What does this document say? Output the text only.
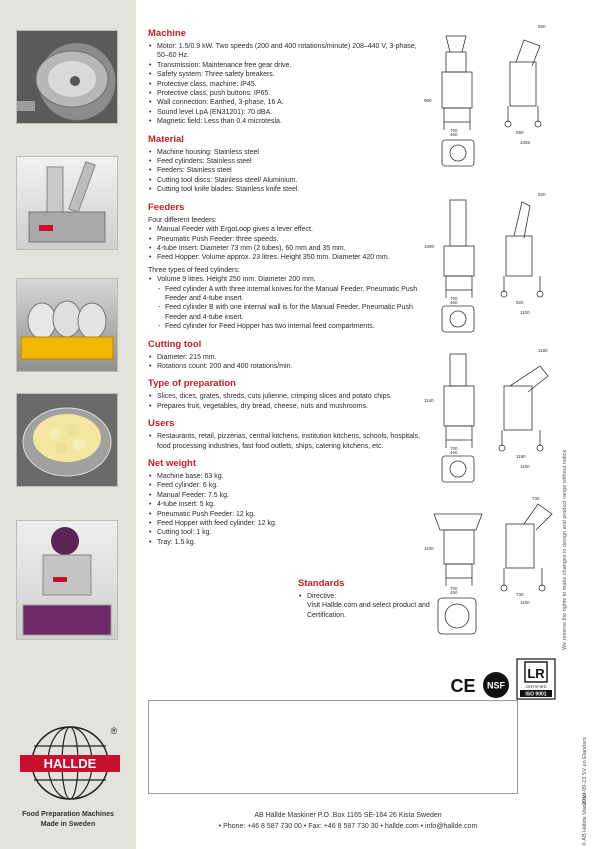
HALLDE
®
Food Preparation Machines
Made in Sweden
Machine
• Motor: 1.5/0.9 kW. Two speeds (200 and 400 rotations/minute) 208–440 V, 3-phase, 50–60 Hz.
• Transmission: Maintenance free gear drive.
• Safety system: Three safety breakers.
• Protective class, machine: IP45.
• Protective class, push buttons: IP65.
• Wall connection: Earthed, 3-phase, 16 A.
• Sound level LpA (EN31201): 70 dBA.
• Magnetic field: Less than 0.4 microtesla.
Material
• Machine housing: Stainless steel
• Feed cylinders: Stainless steel
• Feeders: Stainless steel
• Cutting tool discs: Stainless steel/ Aluminium.
• Cutting tool knife blades: Stainless knife steel.
Feeders
Four different feeders:
• Manual Feeder with ErgoLoop gives a lever effect.
• Pneumatic Push Feeder: three speeds.
• 4-tube Insert: Diameter 73 mm (2 tubes), 60 mm and 35 mm.
• Feed Hopper: Volume approx. 23 litres. Height 350 mm. Diameter 420 mm.
Three types of feed cylinders:
• Volume 9 litres. Height 250 mm. Diameter 200 mm.
- Feed cylinder A with three internal knives for the Manual Feeder, Pneumatic Push Feeder and 4-tube insert.
- Feed cylinder B with one internal wall is for the Manual Feeder, Pneumatic Push Feeder and 4-tube insert.
- Feed cylinder for Feed Hopper has two internal feed compartments.
Cutting tool
• Diameter: 215 mm.
• Rotations count: 200 and 400 rotations/min.
Type of preparation
• Slices, dices, grates, shreds, cuts julienne, crimping slices and potato chips.
• Prepares fruit, vegetables, dry bread, cheese, nuts and mushrooms.
Users
• Restaurants, retail, pizzerias, central kitchens, institution kitchens, schools, hospitals, food processing industries, fast food outlets, ships, catering kitchens, etc.
Net weight
• Machine base: 63 kg.
• Feed cylinder: 6 kg.
• Manual Feeder: 7.5 kg.
• 4-tube insert: 5 kg.
• Pneumatic Push Feeder: 12 kg.
• Feed Hopper with feed cylinder: 12 kg.
• Cutting tool: 1 kg.
• Tray: 1.5 kg.
Standards
• Directive:
Visit Hallde.com and select product and Certification.
560
890
1055
960
460
700
920
920
1100
1090
460
700
1180
1180
1100
1140
460
700
730
730
1100
1100
460
700
CE NSF
LR
CERTIFIED
ISO 9001
AB Hällde Maskiner P.O .Box 1165 SE-164 26 Kista Sweden
• Phone: +46 8 587 730 00 • Fax: +46 8 587 730 30 • hallde.com • info@hallde.com
We reserve the rights to make changes in design and product range without notice
2019-09-23 SV en Elanders
© AB Hällde Maskiner
